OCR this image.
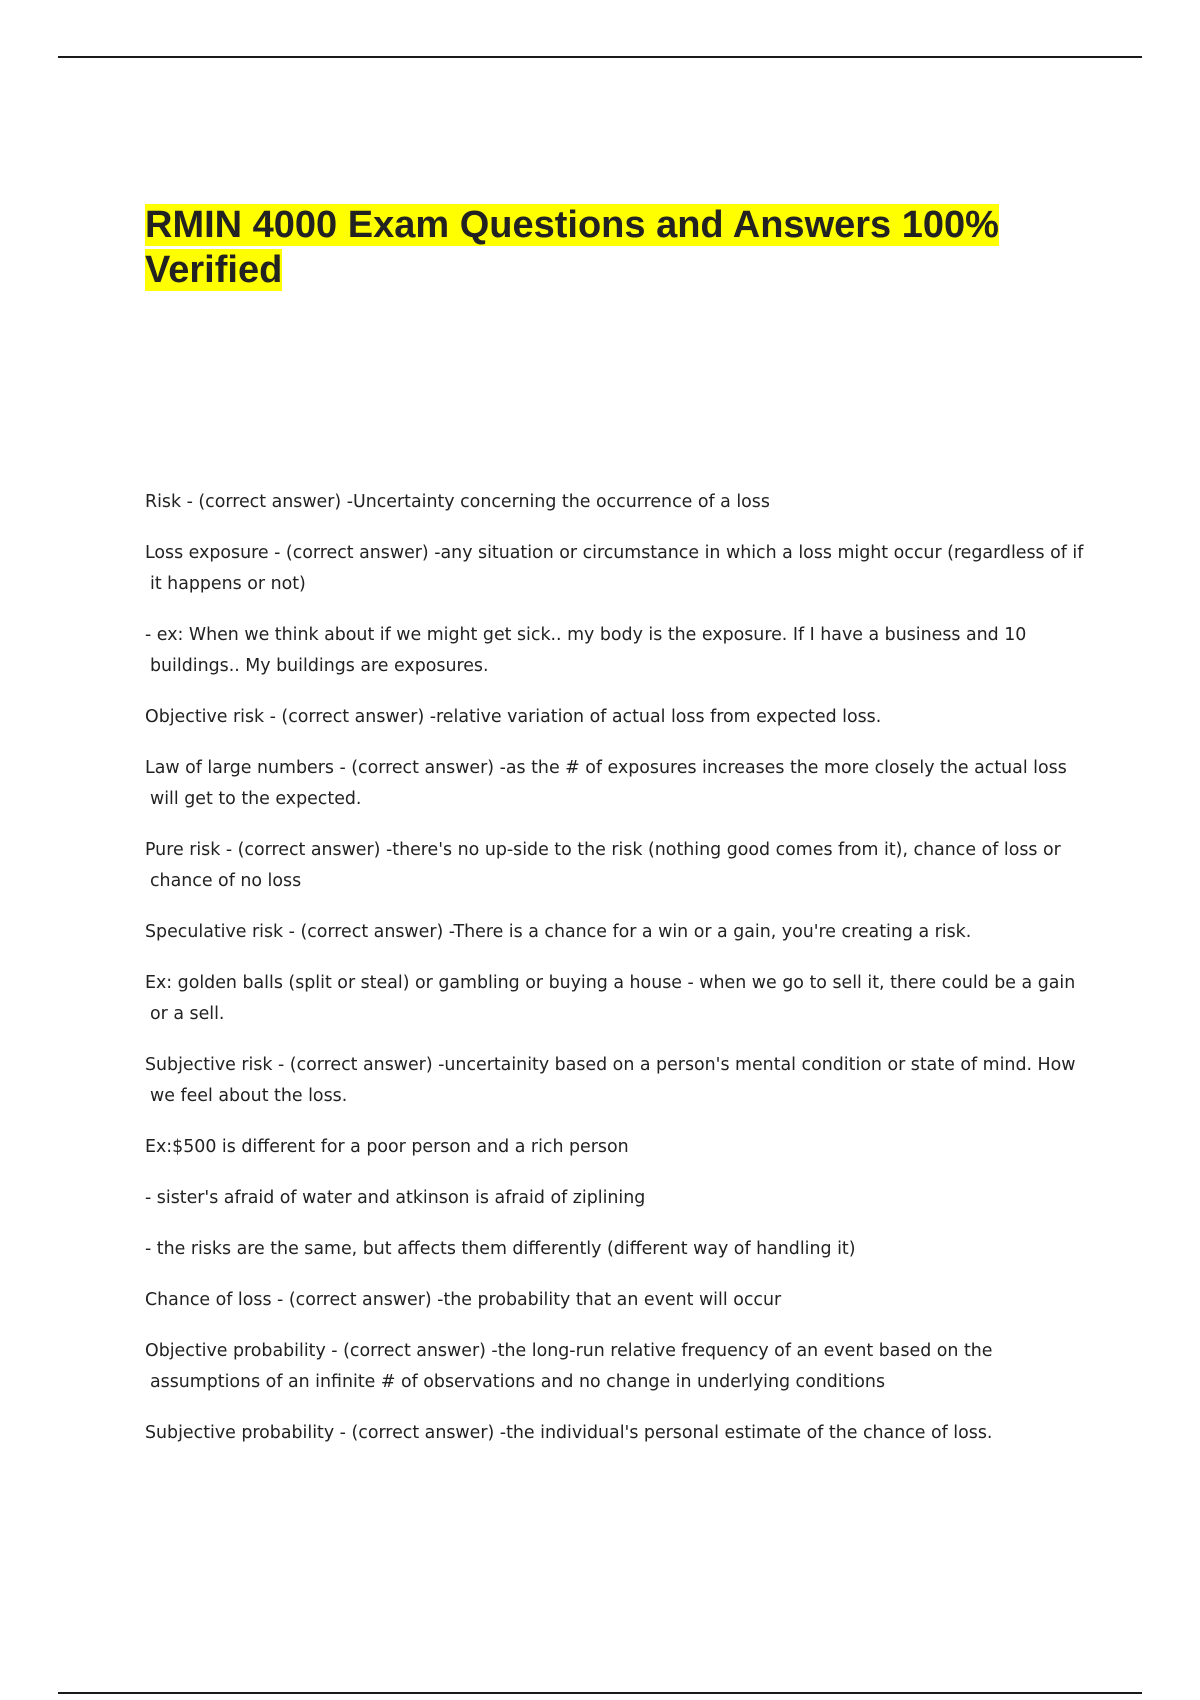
RMIN 4000 Exam Questions and Answers 100% Verified
Risk - (correct answer) -Uncertainty concerning the occurrence of a loss
Loss exposure - (correct answer) -any situation or circumstance in which a loss might occur (regardless of if it happens or not)
- ex: When we think about if we might get sick.. my body is the exposure. If I have a business and 10 buildings.. My buildings are exposures.
Objective risk - (correct answer) -relative variation of actual loss from expected loss.
Law of large numbers - (correct answer) -as the # of exposures increases the more closely the actual loss will get to the expected.
Pure risk - (correct answer) -there's no up-side to the risk (nothing good comes from it), chance of loss or chance of no loss
Speculative risk - (correct answer) -There is a chance for a win or a gain, you're creating a risk.
Ex: golden balls (split or steal) or gambling or buying a house - when we go to sell it, there could be a gain or a sell.
Subjective risk - (correct answer) -uncertainity based on a person's mental condition or state of mind. How we feel about the loss.
Ex:$500 is different for a poor person and a rich person
- sister's afraid of water and atkinson is afraid of ziplining
- the risks are the same, but affects them differently (different way of handling it)
Chance of loss - (correct answer) -the probability that an event will occur
Objective probability - (correct answer) -the long-run relative frequency of an event based on the assumptions of an infinite # of observations and no change in underlying conditions
Subjective probability - (correct answer) -the individual's personal estimate of the chance of loss.
